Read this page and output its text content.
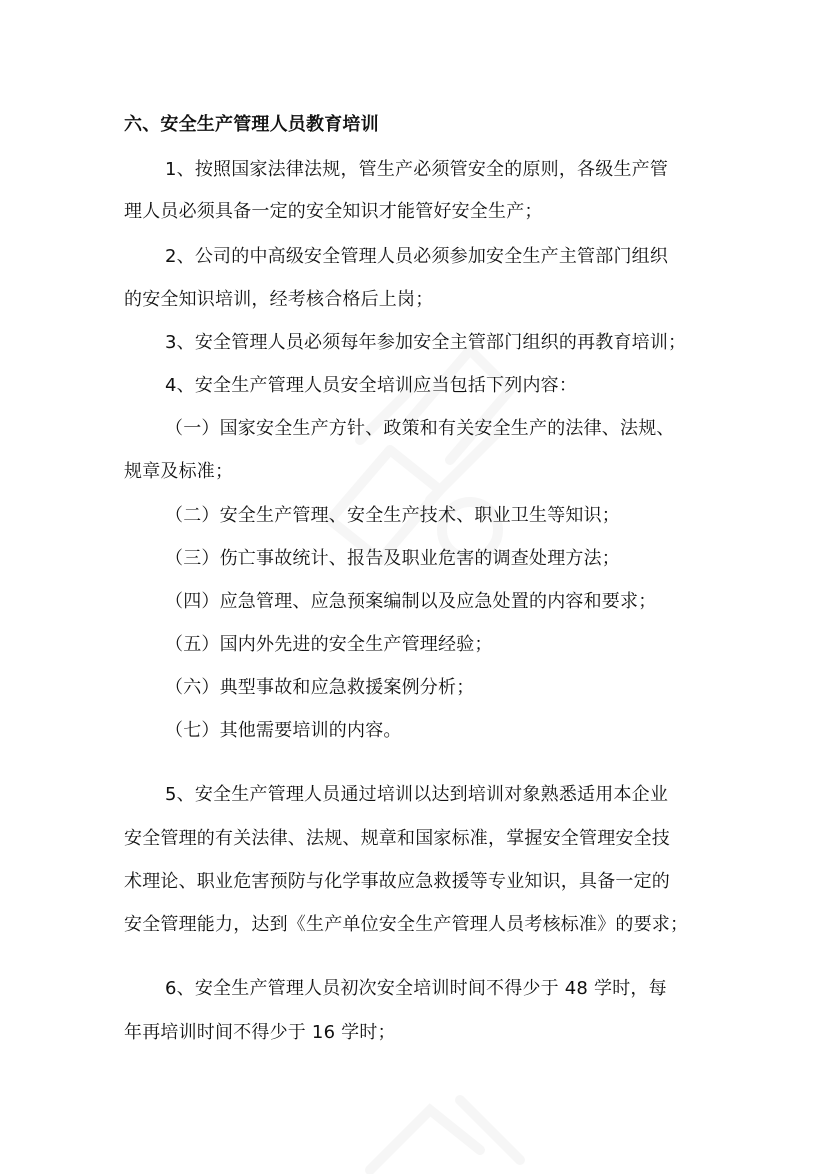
六、安全生产管理人员教育培训
1、按照国家法律法规，管生产必须管安全的原则，各级生产管
理人员必须具备一定的安全知识才能管好安全生产；
2、公司的中高级安全管理人员必须参加安全生产主管部门组织
的安全知识培训，经考核合格后上岗；
3、安全管理人员必须每年参加安全主管部门组织的再教育培训；
4、安全生产管理人员安全培训应当包括下列内容：
（一）国家安全生产方针、政策和有关安全生产的法律、法规、
规章及标准；
（二）安全生产管理、安全生产技术、职业卫生等知识；
（三）伤亡事故统计、报告及职业危害的调查处理方法；
（四）应急管理、应急预案编制以及应急处置的内容和要求；
（五）国内外先进的安全生产管理经验；
（六）典型事故和应急救援案例分析；
（七）其他需要培训的内容。
5、安全生产管理人员通过培训以达到培训对象熟悉适用本企业
安全管理的有关法律、法规、规章和国家标准，掌握安全管理安全技
术理论、职业危害预防与化学事故应急救援等专业知识，具备一定的
安全管理能力，达到《生产单位安全生产管理人员考核标准》的要求；
6、安全生产管理人员初次安全培训时间不得少于 48 学时，每
年再培训时间不得少于 16 学时；
